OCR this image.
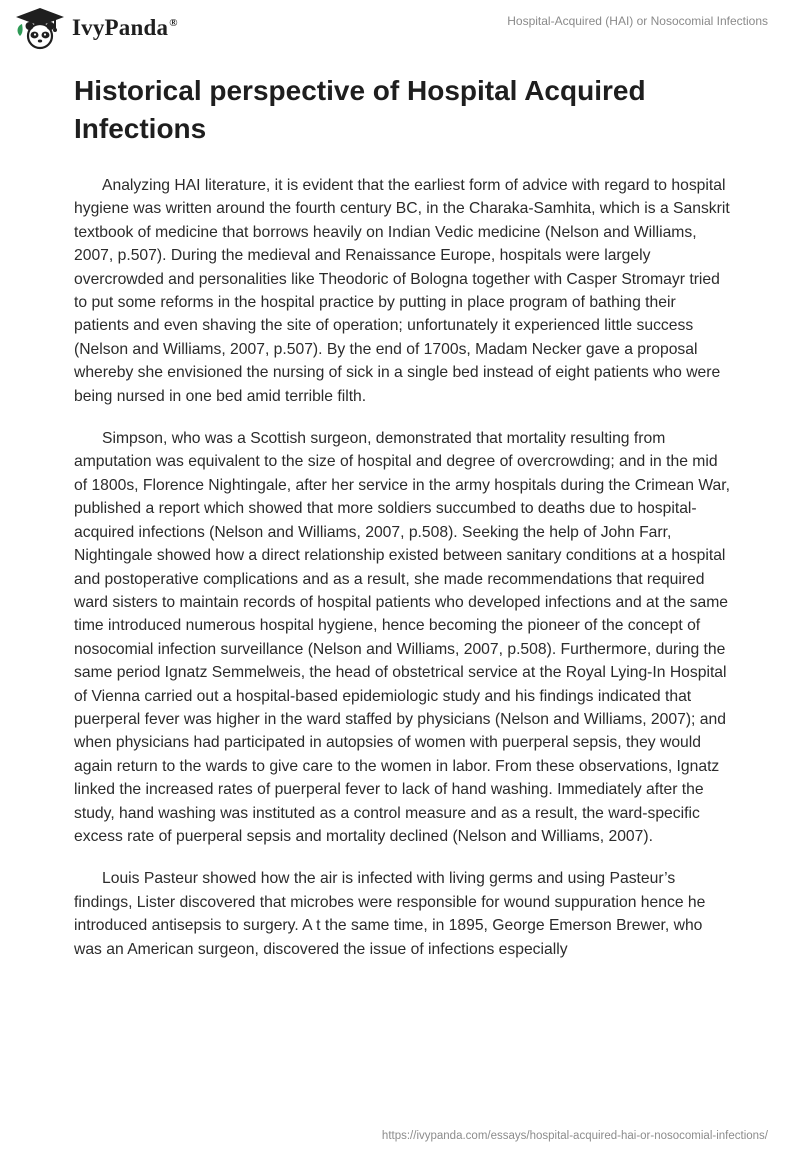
IvyPanda®	Hospital-Acquired (HAI) or Nosocomial Infections
Historical perspective of Hospital Acquired Infections

Analyzing HAI literature, it is evident that the earliest form of advice with regard to hospital hygiene was written around the fourth century BC, in the Charaka-Samhita, which is a Sanskrit textbook of medicine that borrows heavily on Indian Vedic medicine (Nelson and Williams, 2007, p.507). During the medieval and Renaissance Europe, hospitals were largely overcrowded and personalities like Theodoric of Bologna together with Casper Stromayr tried to put some reforms in the hospital practice by putting in place program of bathing their patients and even shaving the site of operation; unfortunately it experienced little success (Nelson and Williams, 2007, p.507). By the end of 1700s, Madam Necker gave a proposal whereby she envisioned the nursing of sick in a single bed instead of eight patients who were being nursed in one bed amid terrible filth.

Simpson, who was a Scottish surgeon, demonstrated that mortality resulting from amputation was equivalent to the size of hospital and degree of overcrowding; and in the mid of 1800s, Florence Nightingale, after her service in the army hospitals during the Crimean War, published a report which showed that more soldiers succumbed to deaths due to hospital-acquired infections (Nelson and Williams, 2007, p.508). Seeking the help of John Farr, Nightingale showed how a direct relationship existed between sanitary conditions at a hospital and postoperative complications and as a result, she made recommendations that required ward sisters to maintain records of hospital patients who developed infections and at the same time introduced numerous hospital hygiene, hence becoming the pioneer of the concept of nosocomial infection surveillance (Nelson and Williams, 2007, p.508). Furthermore, during the same period Ignatz Semmelweis, the head of obstetrical service at the Royal Lying-In Hospital of Vienna carried out a hospital-based epidemiologic study and his findings indicated that puerperal fever was higher in the ward staffed by physicians (Nelson and Williams, 2007); and when physicians had participated in autopsies of women with puerperal sepsis, they would again return to the wards to give care to the women in labor. From these observations, Ignatz linked the increased rates of puerperal fever to lack of hand washing. Immediately after the study, hand washing was instituted as a control measure and as a result, the ward-specific excess rate of puerperal sepsis and mortality declined (Nelson and Williams, 2007).

Louis Pasteur showed how the air is infected with living germs and using Pasteur’s findings, Lister discovered that microbes were responsible for wound suppuration hence he introduced antisepsis to surgery. A t the same time, in 1895, George Emerson Brewer, who was an American surgeon, discovered the issue of infections especially

https://ivypanda.com/essays/hospital-acquired-hai-or-nosocomial-infections/
